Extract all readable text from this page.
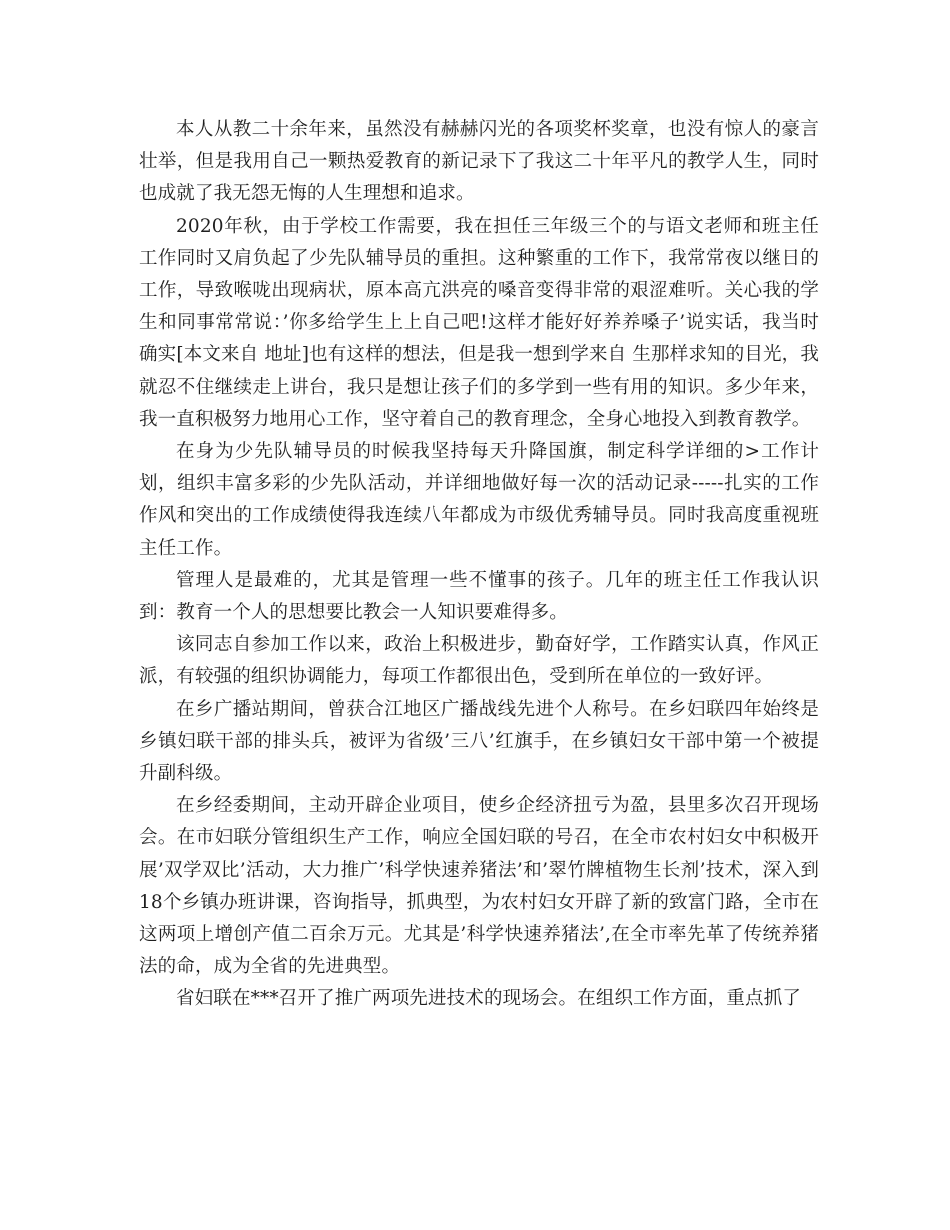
本人从教二十余年来，虽然没有赫赫闪光的各项奖杯奖章，也没有惊人的豪言壮举，但是我用自己一颗热爱教育的新记录下了我这二十年平凡的教学人生，同时也成就了我无怨无悔的人生理想和追求。

2020年秋，由于学校工作需要，我在担任三年级三个的与语文老师和班主任工作同时又肩负起了少先队辅导员的重担。这种繁重的工作下，我常常夜以继日的工作，导致喉咙出现病状，原本高亢洪亮的嗓音变得非常的艰涩难听。关心我的学生和同事常常说：’你多给学生上上自己吧!这样才能好好养养嗓子’说实话，我当时确实[本文来自 地址]也有这样的想法，但是我一想到学来自 生那样求知的目光，我就忍不住继续走上讲台，我只是想让孩子们的多学到一些有用的知识。多少年来，我一直积极努力地用心工作，坚守着自己的教育理念，全身心地投入到教育教学。

在身为少先队辅导员的时候我坚持每天升降国旗，制定科学详细的>工作计划，组织丰富多彩的少先队活动，并详细地做好每一次的活动记录-----扎实的工作作风和突出的工作成绩使得我连续八年都成为市级优秀辅导员。同时我高度重视班主任工作。

管理人是最难的，尤其是管理一些不懂事的孩子。几年的班主任工作我认识到：教育一个人的思想要比教会一人知识要难得多。

该同志自参加工作以来，政治上积极进步，勤奋好学，工作踏实认真，作风正派，有较强的组织协调能力，每项工作都很出色，受到所在单位的一致好评。

在乡广播站期间，曾获合江地区广播战线先进个人称号。在乡妇联四年始终是乡镇妇联干部的排头兵，被评为省级’三八’红旗手，在乡镇妇女干部中第一个被提升副科级。

在乡经委期间，主动开辟企业项目，使乡企经济扭亏为盈，县里多次召开现场会。在市妇联分管组织生产工作，响应全国妇联的号召，在全市农村妇女中积极开展’双学双比’活动，大力推广’科学快速养猪法’和’翠竹牌植物生长剂’技术，深入到18个乡镇办班讲课，咨询指导，抓典型，为农村妇女开辟了新的致富门路，全市在这两项上增创产值二百余万元。尤其是’科学快速养猪法’,在全市率先革了传统养猪法的命，成为全省的先进典型。

省妇联在***召开了推广两项先进技术的现场会。在组织工作方面，重点抓了
